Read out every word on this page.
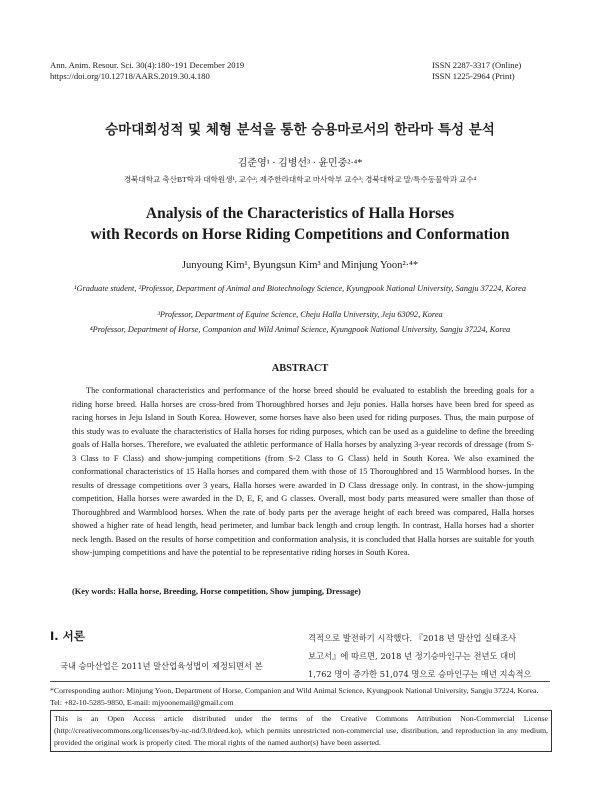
Ann. Anim. Resour. Sci. 30(4):180~191 December 2019
https://doi.org/10.12718/AARS.2019.30.4.180
ISSN 2287-3317 (Online)
ISSN 1225-2964 (Print)
승마대회성적 및 체형 분석을 통한 승용마로서의 한라마 특성 분석
김준영¹ · 김병선³ · 윤민중²·⁴*
경북대학교 축산BT학과 대학원생¹, 교수²; 제주한라대학교 마사학부 교수³; 경북대학교 말/특수동물학과 교수⁴
Analysis of the Characteristics of Halla Horses
with Records on Horse Riding Competitions and Conformation
Junyoung Kim¹, Byungsun Kim³ and Minjung Yoon²·⁴*
¹Graduate student, ²Professor, Department of Animal and Biotechnology Science, Kyungpook National University, Sangju 37224, Korea
³Professor, Department of Equine Science, Cheju Halla University, Jeju 63092, Korea
⁴Professor, Department of Horse, Companion and Wild Animal Science, Kyungpook National University, Sangju 37224, Korea
ABSTRACT
The conformational characteristics and performance of the horse breed should be evaluated to establish the breeding goals for a riding horse breed. Halla horses are cross-bred from Thoroughbred horses and Jeju ponies. Halla horses have been bred for speed as racing horses in Jeju Island in South Korea. However, some horses have also been used for riding purposes. Thus, the main purpose of this study was to evaluate the characteristics of Halla horses for riding purposes, which can be used as a guideline to define the breeding goals of Halla horses. Therefore, we evaluated the athletic performance of Halla horses by analyzing 3-year records of dressage (from S-3 Class to F Class) and show-jumping competitions (from S-2 Class to G Class) held in South Korea. We also examined the conformational characteristics of 15 Halla horses and compared them with those of 15 Thoroughbred and 15 Warmblood horses. In the results of dressage competitions over 3 years, Halla horses were awarded in D Class dressage only. In contrast, in the show-jumping competition, Halla horses were awarded in the D, E, F, and G classes. Overall, most body parts measured were smaller than those of Thoroughbred and Warmblood horses. When the rate of body parts per the average height of each breed was compared, Halla horses showed a higher rate of head length, head perimeter, and lumbar back length and croup length. In contrast, Halla horses had a shorter neck length. Based on the results of horse competition and conformation analysis, it is concluded that Halla horses are suitable for youth show-jumping competitions and have the potential to be representative riding horses in South Korea.
(Key words: Halla horse, Breeding, Horse competition, Show jumping, Dressage)
Ⅰ. 서론
국내 승마산업은 2011년 말산업육성법이 제정되면서 본
격적으로 발전하기 시작했다. 『2018 년 말산업 실태조사
보고서』에 따르면, 2018 년 정기승마인구는 전년도 대비
1,762 명이 증가한 51,074 명으로 승마인구는 매년 지속적으
*Corresponding author: Minjung Yoon, Department of Horse, Companion and Wild Animal Science, Kyungpook National University, Sangju 37224, Korea. Tel: +82-10-5285-9850, E-mail: mjyoonemail@gmail.com
This is an Open Access article distributed under the terms of the Creative Commons Attribution Non-Commercial License (http://creativecommons.org/licenses/by-nc-nd/3.0/deed.ko), which permits unrestricted non-commercial use, distribution, and reproduction in any medium, provided the original work is properly cited. The moral rights of the named author(s) have been asserted.
